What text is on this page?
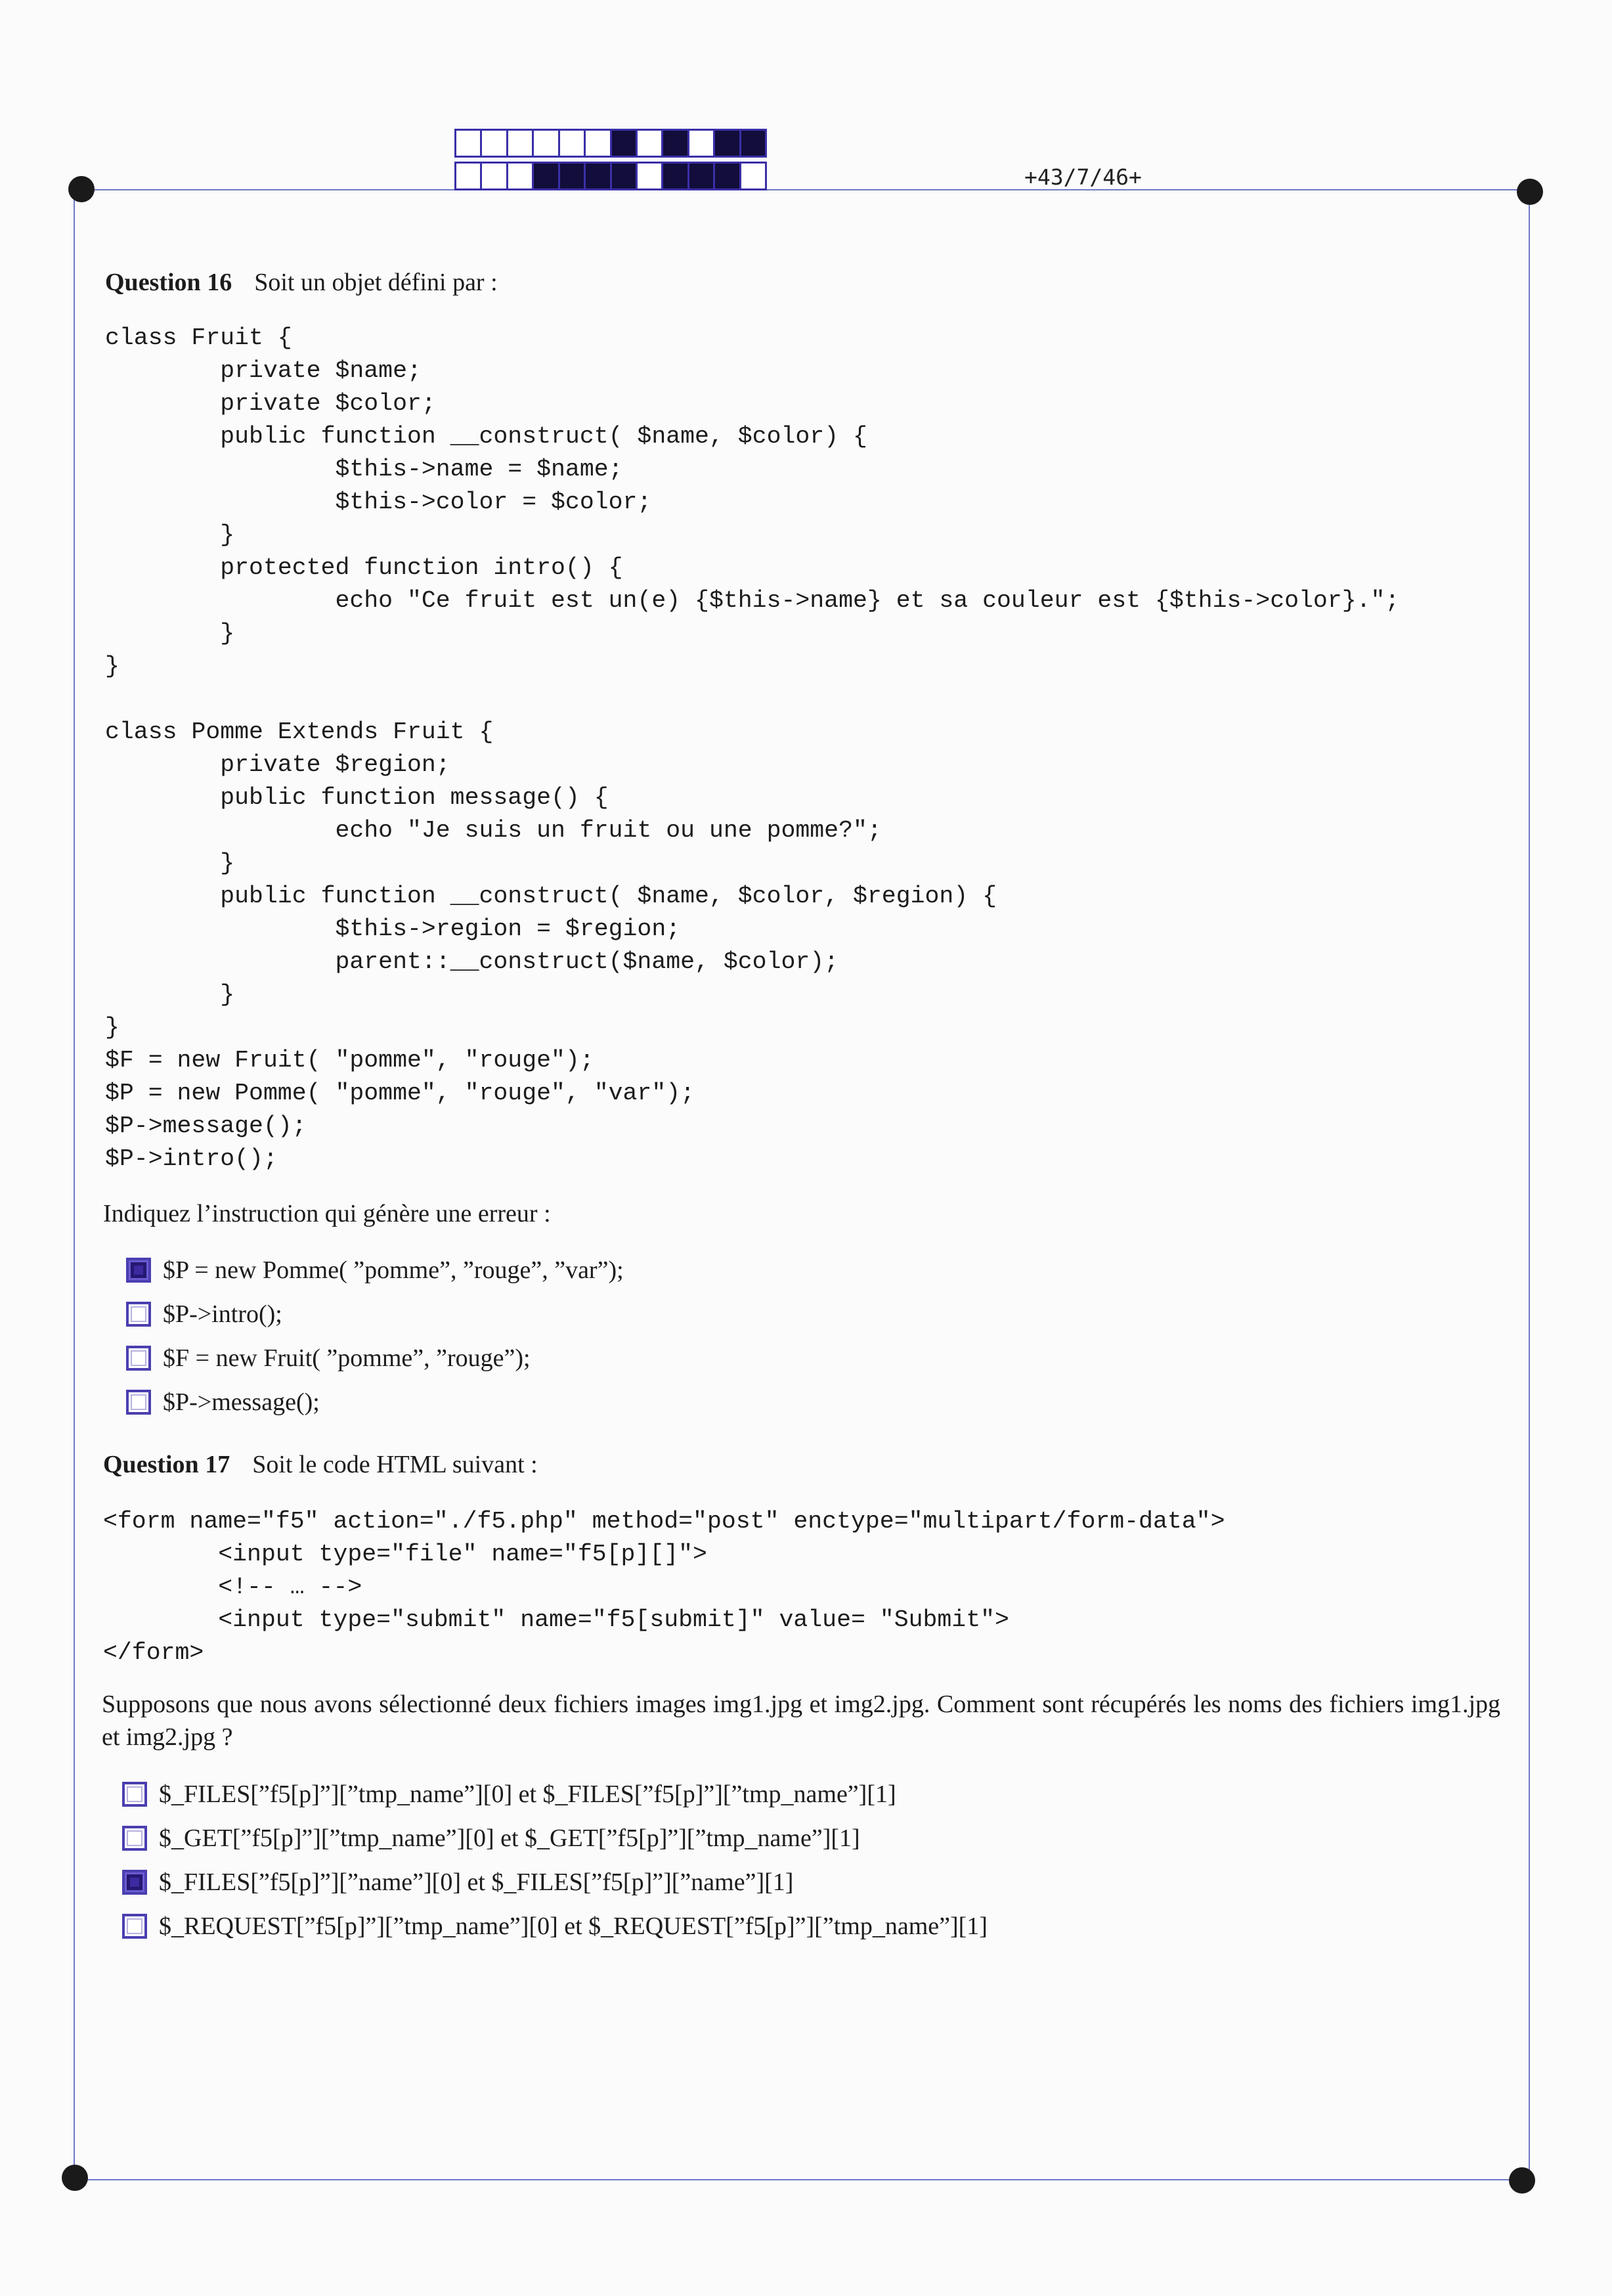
+43/7/46+
Question 16 Soit un objet défini par :
class Fruit {
private $name;
private $color;
public function __construct( $name, $color) {
$this->name = $name;
$this->color = $color;
}
protected function intro() {
echo "Ce fruit est un(e) {$this->name} et sa couleur est {$this->color}.";
}
}

class Pomme Extends Fruit {
private $region;
public function message() {
echo "Je suis un fruit ou une pomme?";
}
public function __construct( $name, $color, $region) {
$this->region = $region;
parent::__construct($name, $color);
}
}
$F = new Fruit( "pomme", "rouge");
$P = new Pomme( "pomme", "rouge", "var");
$P->message();
$P->intro();
Indiquez l’instruction qui génère une erreur :
$P = new Pomme( ”pomme”, ”rouge”, ”var”);
$P->intro();
$F = new Fruit( ”pomme”, ”rouge”);
$P->message();
Question 17 Soit le code HTML suivant :
<form name="f5" action="./f5.php" method="post" enctype="multipart/form-data">
<input type="file" name="f5[p][]">
<!-- … -->
<input type="submit" name="f5[submit]" value= "Submit">
</form>
Supposons que nous avons sélectionné deux fichiers images img1.jpg et img2.jpg. Comment sont récupérés les noms des fichiers img1.jpg et img2.jpg ?
$_FILES[”f5[p]”][”tmp_name”][0] et $_FILES[”f5[p]”][”tmp_name”][1]
$_GET[”f5[p]”][”tmp_name”][0] et $_GET[”f5[p]”][”tmp_name”][1]
$_FILES[”f5[p]”][”name”][0] et $_FILES[”f5[p]”][”name”][1]
$_REQUEST[”f5[p]”][”tmp_name”][0] et $_REQUEST[”f5[p]”][”tmp_name”][1]
